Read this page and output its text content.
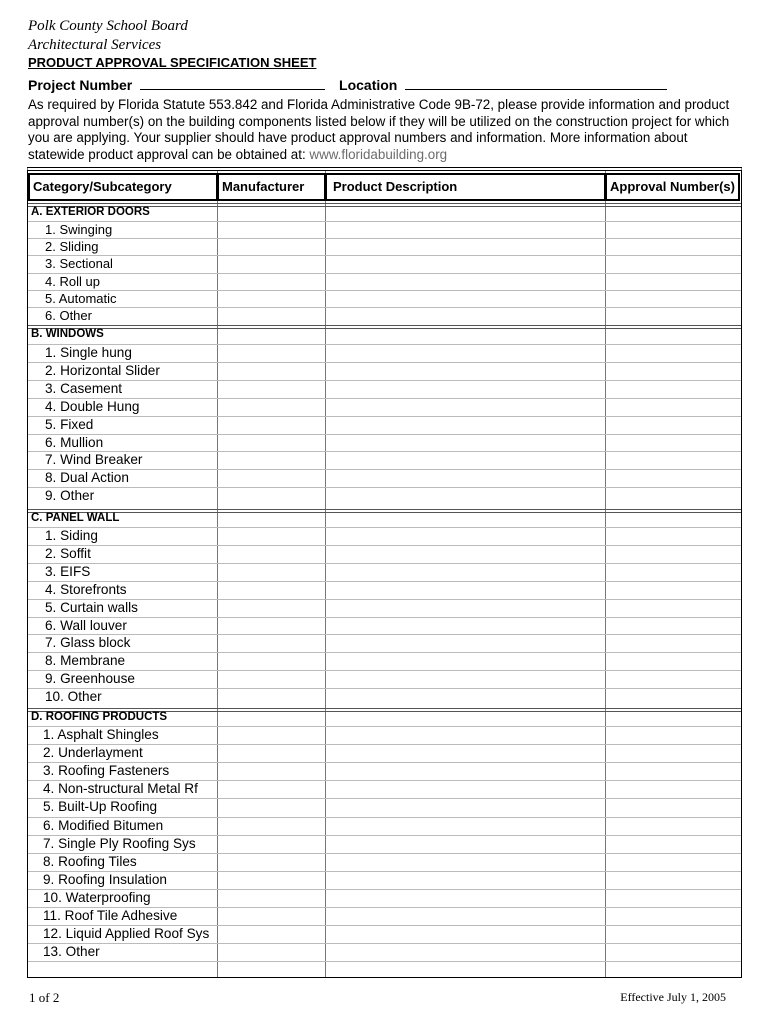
Polk County School Board
Architectural Services
PRODUCT APPROVAL SPECIFICATION SHEET
Project Number	Location
As required by Florida Statute 553.842 and Florida Administrative Code 9B-72, please provide information and product approval number(s) on the building components listed below if they will be utilized on the construction project for which you are applying. Your supplier should have product approval numbers and information. More information about statewide product approval can be obtained at: www.floridabuilding.org
Category/Subcategory	Manufacturer	Product Description	Approval Number(s)
A. EXTERIOR DOORS
1. Swinging
2. Sliding
3. Sectional
4. Roll up
5. Automatic
6. Other
B. WINDOWS
1. Single hung
2. Horizontal Slider
3. Casement
4. Double Hung
5. Fixed
6. Mullion
7. Wind Breaker
8. Dual Action
9. Other
C. PANEL WALL
1. Siding
2. Soffit
3. EIFS
4. Storefronts
5. Curtain walls
6. Wall louver
7. Glass block
8. Membrane
9. Greenhouse
10. Other
D. ROOFING PRODUCTS
1. Asphalt Shingles
2. Underlayment
3. Roofing Fasteners
4. Non-structural Metal Rf
5. Built-Up Roofing
6. Modified Bitumen
7. Single Ply Roofing Sys
8. Roofing Tiles
9. Roofing Insulation
10. Waterproofing
11. Roof Tile Adhesive
12. Liquid Applied Roof Sys
13. Other
1 of 2	Effective July 1, 2005
